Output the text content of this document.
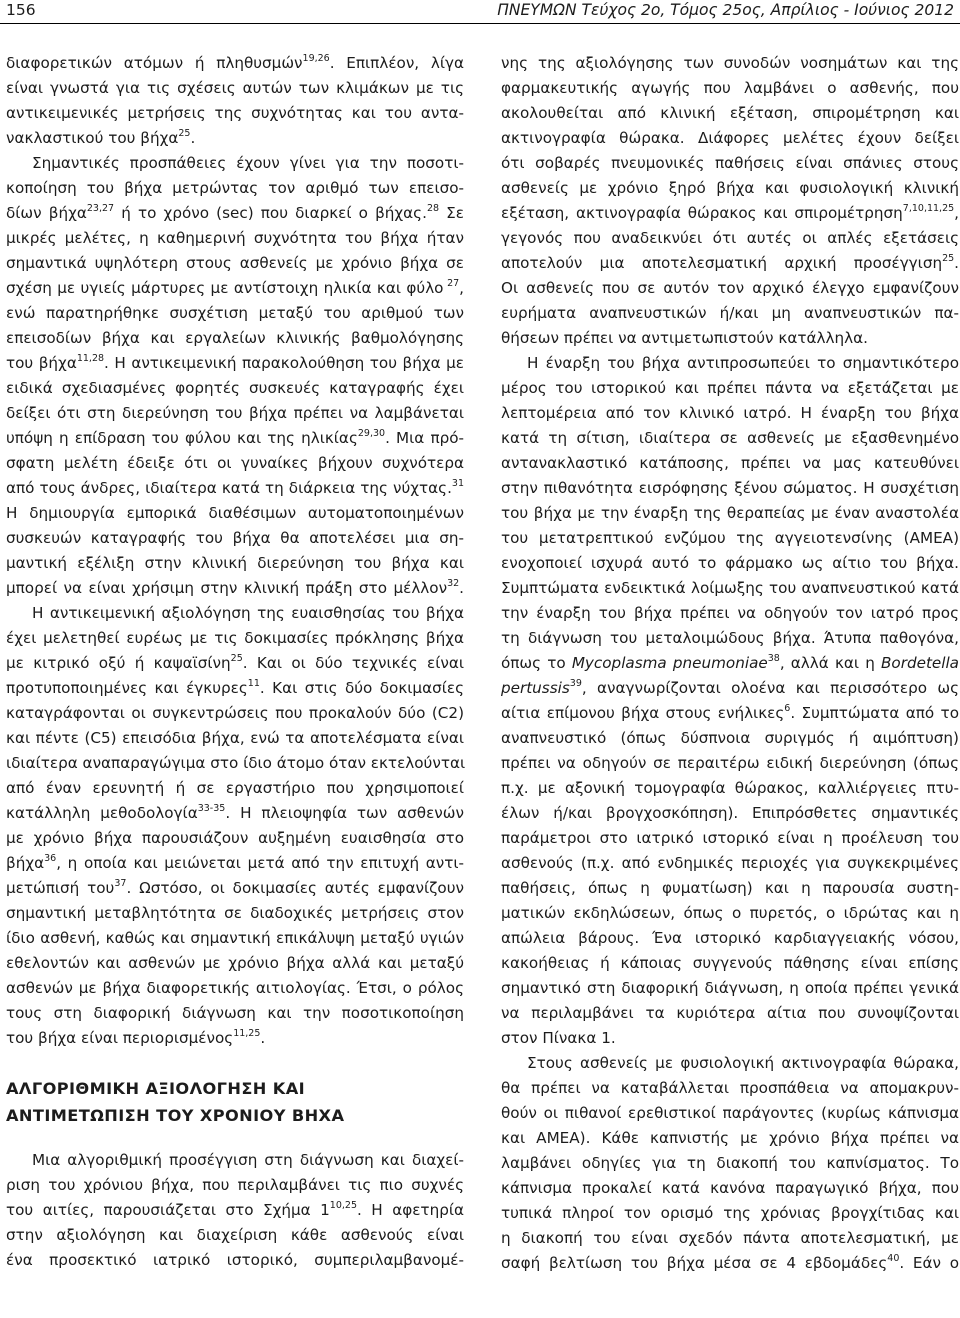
156	ΠΝΕΥΜΩΝ Τεύχος 2ο, Τόμος 25ος, Απρίλιος - Ιούνιος 2012
διαφορετικών ατόμων ή πληθυσμών$^{19,26}$. Επιπλέον, λίγα
είναι γνωστά για τις σχέσεις αυτών των κλιμάκων με τις
αντικειμενικές μετρήσεις της συχνότητας και του αντα-
νακλαστικού του βήχα$^{25}$.
Σημαντικές προσπάθειες έχουν γίνει για την ποσοτι-
κοποίηση του βήχα μετρώντας τον αριθμό των επεισο-
δίων βήχα$^{23,27}$ ή το χρόνο (sec) που διαρκεί ο βήχας.$^{28}$ Σε
μικρές μελέτες, η καθημερινή συχνότητα του βήχα ήταν
σημαντικά υψηλότερη στους ασθενείς με χρόνιο βήχα σε
σχέση με υγιείς μάρτυρες με αντίστοιχη ηλικία και φύλο $^{27}$,
ενώ παρατηρήθηκε συσχέτιση μεταξύ του αριθμού των
επεισοδίων βήχα και εργαλείων κλινικής βαθμολόγησης
του βήχα$^{11,28}$. Η αντικειμενική παρακολούθηση του βήχα με
ειδικά σχεδιασμένες φορητές συσκευές καταγραφής έχει
δείξει ότι στη διερεύνηση του βήχα πρέπει να λαμβάνεται
υπόψη η επίδραση του φύλου και της ηλικίας$^{29,30}$. Μια πρό-
σφατη μελέτη έδειξε ότι οι γυναίκες βήχουν συχνότερα
από τους άνδρες, ιδιαίτερα κατά τη διάρκεια της νύχτας.$^{31}$
Η δημιουργία εμπορικά διαθέσιμων αυτοματοποιημένων
συσκευών καταγραφής του βήχα θα αποτελέσει μια ση-
μαντική εξέλιξη στην κλινική διερεύνηση του βήχα και
μπορεί να είναι χρήσιμη στην κλινική πράξη στο μέλλον$^{32}$.
Η αντικειμενική αξιολόγηση της ευαισθησίας του βήχα
έχει μελετηθεί ευρέως με τις δοκιμασίες πρόκλησης βήχα
με κιτρικό οξύ ή καψαϊσίνη$^{25}$. Και οι δύο τεχνικές είναι
προτυποποιημένες και έγκυρες$^{11}$. Και στις δύο δοκιμασίες
καταγράφονται οι συγκεντρώσεις που προκαλούν δύο (C2)
και πέντε (C5) επεισόδια βήχα, ενώ τα αποτελέσματα είναι
ιδιαίτερα αναπαραγώγιμα στο ίδιο άτομο όταν εκτελούνται
από έναν ερευνητή ή σε εργαστήριο που χρησιμοποιεί
κατάλληλη μεθοδολογία$^{33-35}$. Η πλειοψηφία των ασθενών
με χρόνιο βήχα παρουσιάζουν αυξημένη ευαισθησία στο
βήχα$^{36}$, η οποία και μειώνεται μετά από την επιτυχή αντι-
μετώπισή του$^{37}$. Ωστόσο, οι δοκιμασίες αυτές εμφανίζουν
σημαντική μεταβλητότητα σε διαδοχικές μετρήσεις στον
ίδιο ασθενή, καθώς και σημαντική επικάλυψη μεταξύ υγιών
εθελοντών και ασθενών με χρόνιο βήχα αλλά και μεταξύ
ασθενών με βήχα διαφορετικής αιτιολογίας. Έτσι, ο ρόλος
τους στη διαφορική διάγνωση και την ποσοτικοποίηση
του βήχα είναι περιορισμένος$^{11,25}$.
ΑΛΓΟΡΙΘΜΙΚΗ ΑΞΙΟΛΟΓΗΣΗ ΚΑΙ
ΑΝΤΙΜΕΤΩΠΙΣΗ ΤΟΥ ΧΡΟΝΙΟΥ ΒΗΧΑ
Μια αλγοριθμική προσέγγιση στη διάγνωση και διαχεί-
ριση του χρόνιου βήχα, που περιλαμβάνει τις πιο συχνές
του αιτίες, παρουσιάζεται στο Σχήμα 1$^{10,25}$. Η αφετηρία
στην αξιολόγηση και διαχείριση κάθε ασθενούς είναι
ένα προσεκτικό ιατρικό ιστορικό, συμπεριλαμβανομέ-
νης της αξιολόγησης των συνοδών νοσημάτων και της
φαρμακευτικής αγωγής που λαμβάνει ο ασθενής, που
ακολουθείται από κλινική εξέταση, σπιρομέτρηση και
ακτινογραφία θώρακα. Διάφορες μελέτες έχουν δείξει
ότι σοβαρές πνευμονικές παθήσεις είναι σπάνιες στους
ασθενείς με χρόνιο ξηρό βήχα και φυσιολογική κλινική
εξέταση, ακτινογραφία θώρακος και σπιρομέτρηση$^{7,10,11,25}$,
γεγονός που αναδεικνύει ότι αυτές οι απλές εξετάσεις
αποτελούν μια αποτελεσματική αρχική προσέγγιση$^{25}$.
Οι ασθενείς που σε αυτόν τον αρχικό έλεγχο εμφανίζουν
ευρήματα αναπνευστικών ή/και μη αναπνευστικών πα-
θήσεων πρέπει να αντιμετωπιστούν κατάλληλα.
Η έναρξη του βήχα αντιπροσωπεύει το σημαντικότερο
μέρος του ιστορικού και πρέπει πάντα να εξετάζεται με
λεπτομέρεια από τον κλινικό ιατρό. Η έναρξη του βήχα
κατά τη σίτιση, ιδιαίτερα σε ασθενείς με εξασθενημένο
αντανακλαστικό κατάποσης, πρέπει να μας κατευθύνει
στην πιθανότητα εισρόφησης ξένου σώματος. Η συσχέτιση
του βήχα με την έναρξη της θεραπείας με έναν αναστολέα
του μετατρεπτικού ενζύμου της αγγειοτενσίνης (ΑΜΕΑ)
ενοχοποιεί ισχυρά αυτό το φάρμακο ως αίτιο του βήχα.
Συμπτώματα ενδεικτικά λοίμωξης του αναπνευστικού κατά
την έναρξη του βήχα πρέπει να οδηγούν τον ιατρό προς
τη διάγνωση του μεταλοιμώδους βήχα. Άτυπα παθογόνα,
όπως το Mycoplasma pneumoniae$^{38}$, αλλά και η Bordetella
pertussis$^{39}$, αναγνωρίζονται ολοένα και περισσότερο ως
αίτια επίμονου βήχα στους ενήλικες$^6$. Συμπτώματα από το
αναπνευστικό (όπως δύσπνοια συριγμός ή αιμόπτυση)
πρέπει να οδηγούν σε περαιτέρω ειδική διερεύνηση (όπως
π.χ. με αξονική τομογραφία θώρακος, καλλιέργειες πτυ-
έλων ή/και βρογχοσκόπηση). Επιπρόσθετες σημαντικές
παράμετροι στο ιατρικό ιστορικό είναι η προέλευση του
ασθενούς (π.χ. από ενδημικές περιοχές για συγκεκριμένες
παθήσεις, όπως η φυματίωση) και η παρουσία συστη-
ματικών εκδηλώσεων, όπως ο πυρετός, ο ιδρώτας και η
απώλεια βάρους. Ένα ιστορικό καρδιαγγειακής νόσου,
κακοήθειας ή κάποιας συγγενούς πάθησης είναι επίσης
σημαντικό στη διαφορική διάγνωση, η οποία πρέπει γενικά
να περιλαμβάνει τα κυριότερα αίτια που συνοψίζονται
στον Πίνακα 1.
Στους ασθενείς με φυσιολογική ακτινογραφία θώρακα,
θα πρέπει να καταβάλλεται προσπάθεια να απομακρυν-
θούν οι πιθανοί ερεθιστικοί παράγοντες (κυρίως κάπνισμα
και ΑΜΕΑ). Κάθε καπνιστής με χρόνιο βήχα πρέπει να
λαμβάνει οδηγίες για τη διακοπή του καπνίσματος. Το
κάπνισμα προκαλεί κατά κανόνα παραγωγικό βήχα, που
τυπικά πληροί τον ορισμό της χρόνιας βρογχίτιδας και
η διακοπή του είναι σχεδόν πάντα αποτελεσματική, με
σαφή βελτίωση του βήχα μέσα σε 4 εβδομάδες$^{40}$. Εάν ο
